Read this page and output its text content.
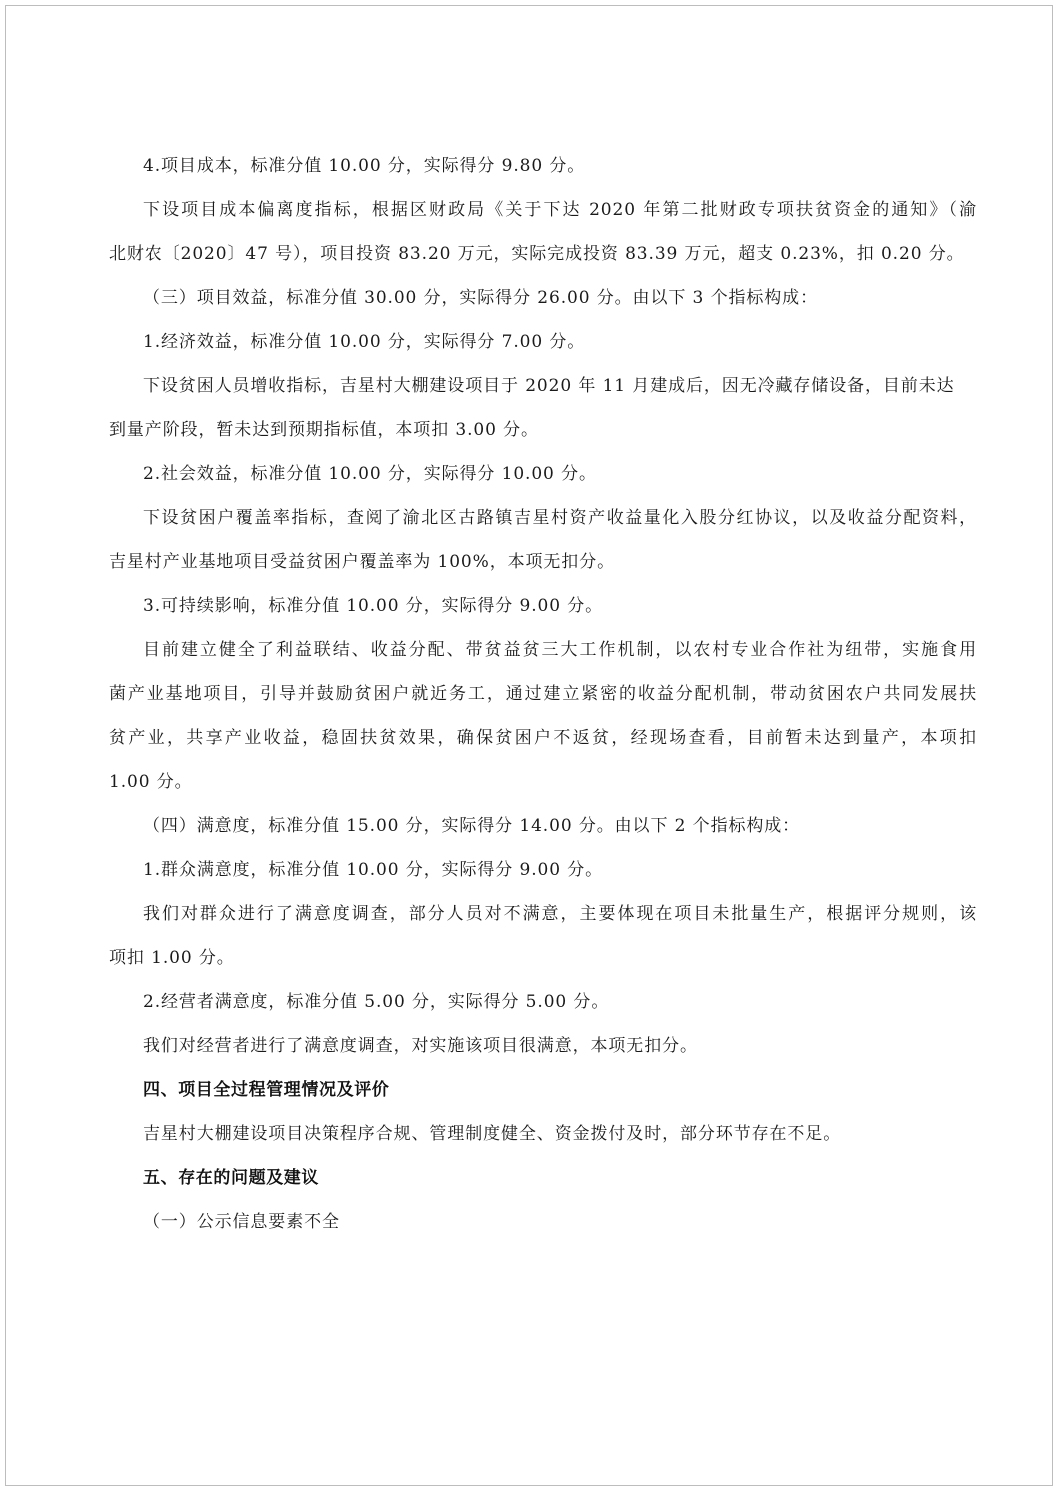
4.项目成本，标准分值 10.00 分，实际得分 9.80 分。
下设项目成本偏离度指标，根据区财政局《关于下达 2020 年第二批财政专项扶贫资金的通知》（渝
北财农〔2020〕47 号），项目投资 83.20 万元，实际完成投资 83.39 万元，超支 0.23%，扣 0.20 分。
（三）项目效益，标准分值 30.00 分，实际得分 26.00 分。由以下 3 个指标构成：
1.经济效益，标准分值 10.00 分，实际得分 7.00 分。
下设贫困人员增收指标，吉星村大棚建设项目于 2020 年 11 月建成后，因无冷藏存储设备，目前未达
到量产阶段，暂未达到预期指标值，本项扣 3.00 分。
2.社会效益，标准分值 10.00 分，实际得分 10.00 分。
下设贫困户覆盖率指标，查阅了渝北区古路镇吉星村资产收益量化入股分红协议，以及收益分配资料，
吉星村产业基地项目受益贫困户覆盖率为 100%，本项无扣分。
3.可持续影响，标准分值 10.00 分，实际得分 9.00 分。
目前建立健全了利益联结、收益分配、带贫益贫三大工作机制，以农村专业合作社为纽带，实施食用
菌产业基地项目，引导并鼓励贫困户就近务工，通过建立紧密的收益分配机制，带动贫困农户共同发展扶
贫产业，共享产业收益，稳固扶贫效果，确保贫困户不返贫，经现场查看，目前暂未达到量产，本项扣
1.00 分。
（四）满意度，标准分值 15.00 分，实际得分 14.00 分。由以下 2 个指标构成：
1.群众满意度，标准分值 10.00 分，实际得分 9.00 分。
我们对群众进行了满意度调查，部分人员对不满意，主要体现在项目未批量生产，根据评分规则，该
项扣 1.00 分。
2.经营者满意度，标准分值 5.00 分，实际得分 5.00 分。
我们对经营者进行了满意度调查，对实施该项目很满意，本项无扣分。
四、项目全过程管理情况及评价
吉星村大棚建设项目决策程序合规、管理制度健全、资金拨付及时，部分环节存在不足。
五、存在的问题及建议
（一）公示信息要素不全
